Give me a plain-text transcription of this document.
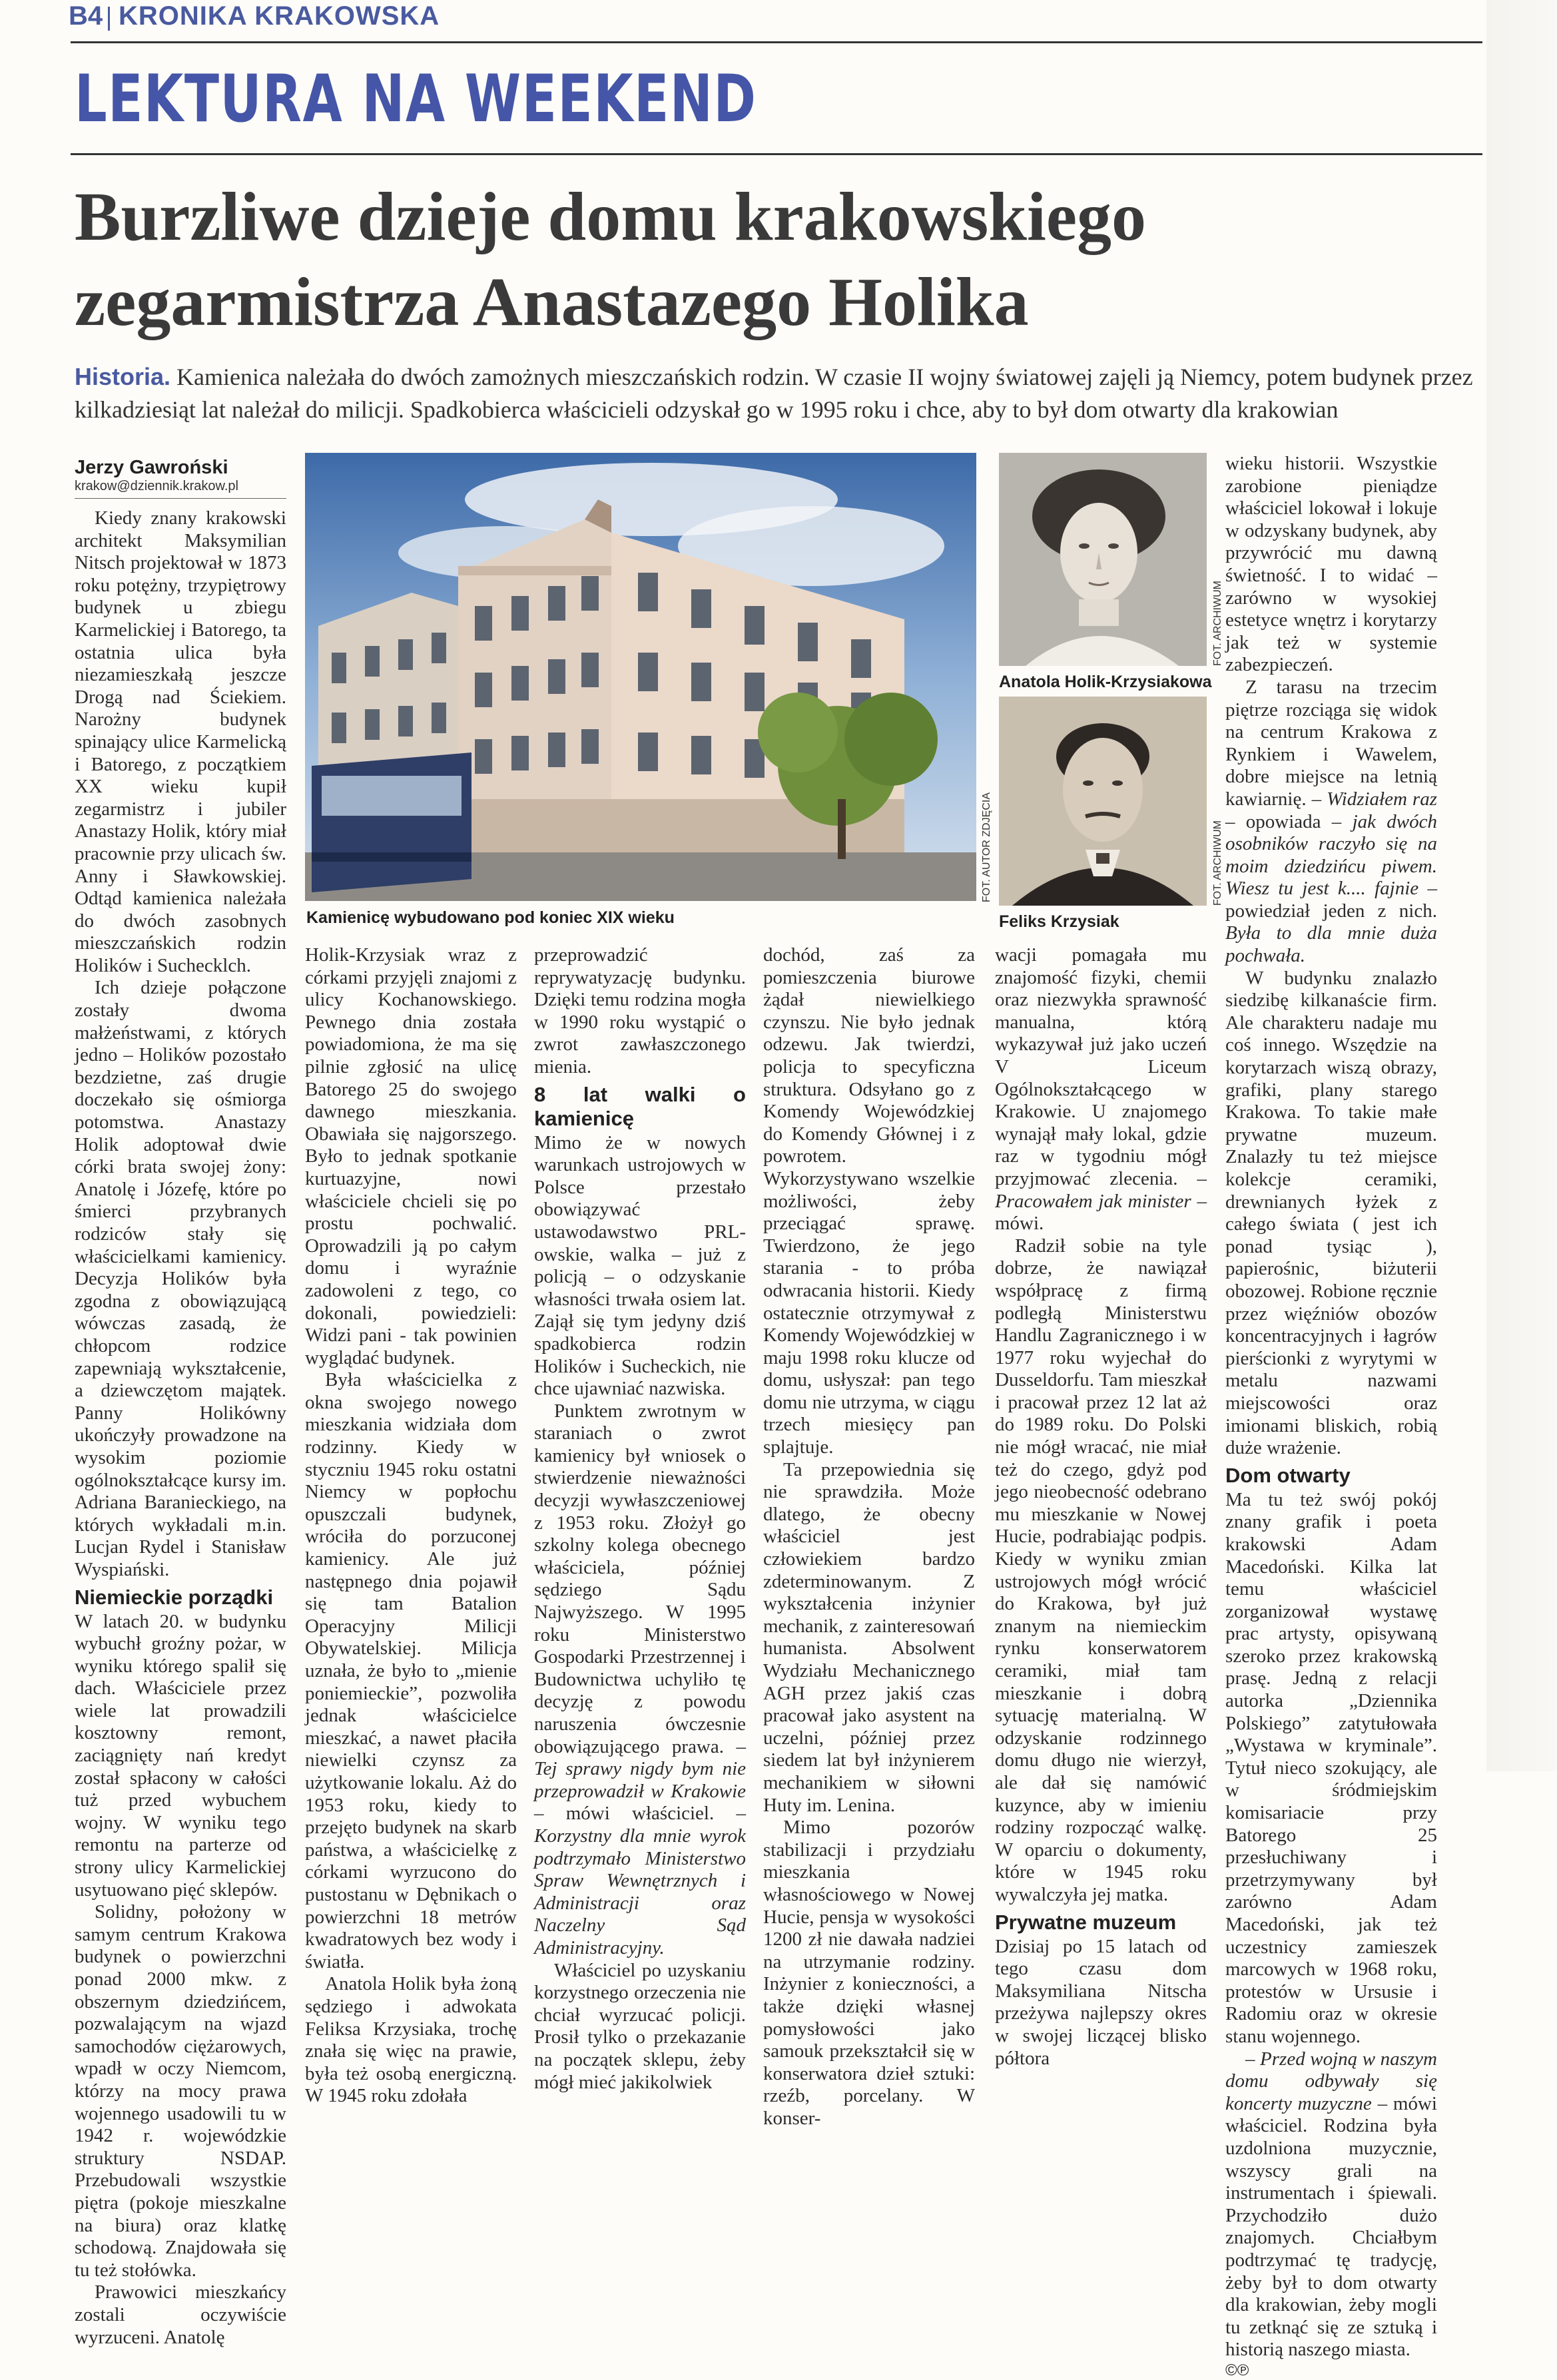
B4 KRONIKA KRAKOWSKA
LEKTURA NA WEEKEND
Burzliwe dzieje domu krakowskiego
zegarmistrza Anastazego Holika
Historia. Kamienica należała do dwóch zamożnych mieszczańskich rodzin. W czasie II wojny światowej zajęli ją Niemcy, potem budynek przez kilkadziesiąt lat należał do milicji. Spadkobierca właścicieli odzyskał go w 1995 roku i chce, aby to był dom otwarty dla krakowian
Jerzy Gawroński
krakow@dziennik.krakow.pl
FOT. AUTOR ZDJĘCIA
Kamienicę wybudowano pod koniec XIX wieku
FOT. ARCHIWUM
Anatola Holik-Krzysiakowa
FOT. ARCHIWUM
Feliks Krzysiak

Kiedy znany krakowski architekt Maksymilian Nitsch projektował w 1873 roku potężny, trzypiętrowy budynek u zbiegu Karmelickiej i Batorego, ta ostatnia ulica była niezamieszkałą jeszcze Drogą nad Ściekiem. Narożny budynek spinający ulice Karmelicką i Batorego, z początkiem XX wieku kupił zegarmistrz i jubiler Anastazy Holik, który miał pracownie przy ulicach św. Anny i Sławkowskiej. Odtąd kamienica należała do dwóch zasobnych mieszczańskich rodzin Holików i Suchecklch.

Ich dzieje połączone zostały dwoma małżeństwami, z których jedno – Holików pozostało bezdzietne, zaś drugie doczekało się ośmiorga potomstwa. Anastazy Holik adoptował dwie córki brata swojej żony: Anatolę i Józefę, które po śmierci przybranych rodziców stały się właścicielkami kamienicy. Decyzja Holików była zgodna z obowiązującą wówczas zasadą, że chłopcom rodzice zapewniają wykształcenie, a dziewczętom majątek. Panny Holikówny ukończyły prowadzone na wysokim poziomie ogólnokształcące kursy im. Adriana Baranieckiego, na których wykładali m.in. Lucjan Rydel i Stanisław Wyspiański.

Niemieckie porządki

W latach 20. w budynku wybuchł groźny pożar, w wyniku którego spalił się dach. Właściciele przez wiele lat prowadzili kosztowny remont, zaciągnięty nań kredyt został spłacony w całości tuż przed wybuchem wojny. W wyniku tego remontu na parterze od strony ulicy Karmelickiej usytuowano pięć sklepów.

Solidny, położony w samym centrum Krakowa budynek o powierzchni ponad 2000 mkw. z obszernym dziedzińcem, pozwalającym na wjazd samochodów ciężarowych, wpadł w oczy Niemcom, którzy na mocy prawa wojennego usadowili tu w 1942 r. wojewódzkie struktury NSDAP. Przebudowali wszystkie piętra (pokoje mieszkalne na biura) oraz klatkę schodową. Znajdowała się tu też stołówka.

Prawowici mieszkańcy zostali oczywiście wyrzuceni. Anatolę

Holik-Krzysiak wraz z córkami przyjęli znajomi z ulicy Kochanowskiego. Pewnego dnia została powiadomiona, że ma się pilnie zgłosić na ulicę Batorego 25 do swojego dawnego mieszkania. Obawiała się najgorszego. Było to jednak spotkanie kurtuazyjne, nowi właściciele chcieli się po prostu pochwalić. Oprowadzili ją po całym domu i wyraźnie zadowoleni z tego, co dokonali, powiedzieli: Widzi pani - tak powinien wyglądać budynek.

Była właścicielka z okna swojego nowego mieszkania widziała dom rodzinny. Kiedy w styczniu 1945 roku ostatni Niemcy w popłochu opuszczali budynek, wróciła do porzuconej kamienicy. Ale już następnego dnia pojawił się tam Batalion Operacyjny Milicji Obywatelskiej. Milicja uznała, że było to „mienie poniemieckie”, pozwoliła jednak właścicielce mieszkać, a nawet płaciła niewielki czynsz za użytkowanie lokalu. Aż do 1953 roku, kiedy to przejęto budynek na skarb państwa, a właścicielkę z córkami wyrzucono do pustostanu w Dębnikach o powierzchni 18 metrów kwadratowych bez wody i światła.

Anatola Holik była żoną sędziego i adwokata Feliksa Krzysiaka, trochę znała się więc na prawie, była też osobą energiczną. W 1945 roku zdołała

przeprowadzić reprywatyzację budynku. Dzięki temu rodzina mogła w 1990 roku wystąpić o zwrot zawłaszczonego mienia.

8 lat walki o kamienicę

Mimo że w nowych warunkach ustrojowych w Polsce przestało obowiązywać ustawodawstwo PRL-owskie, walka – już z policją – o odzyskanie własności trwała osiem lat. Zajął się tym jedyny dziś spadkobierca rodzin Holików i Sucheckich, nie chce ujawniać nazwiska.

Punktem zwrotnym w staraniach o zwrot kamienicy był wniosek o stwierdzenie nieważności decyzji wywłaszczeniowej z 1953 roku. Złożył go szkolny kolega obecnego właściciela, później sędziego Sądu Najwyższego. W 1995 roku Ministerstwo Gospodarki Przestrzennej i Budownictwa uchyliło tę decyzję z powodu naruszenia ówczesnie obowiązującego prawa. – Tej sprawy nigdy bym nie przeprowadził w Krakowie – mówi właściciel. – Korzystny dla mnie wyrok podtrzymało Ministerstwo Spraw Wewnętrznych i Administracji oraz Naczelny Sąd Administracyjny.

Właściciel po uzyskaniu korzystnego orzeczenia nie chciał wyrzucać policji. Prosił tylko o przekazanie na początek sklepu, żeby mógł mieć jakikolwiek

dochód, zaś za pomieszczenia biurowe żądał niewielkiego czynszu. Nie było jednak odzewu. Jak twierdzi, policja to specyficzna struktura. Odsyłano go z Komendy Wojewódzkiej do Komendy Głównej i z powrotem. Wykorzystywano wszelkie możliwości, żeby przeciągać sprawę. Twierdzono, że jego starania - to próba odwracania historii. Kiedy ostatecznie otrzymywał z Komendy Wojewódzkiej w maju 1998 roku klucze od domu, usłyszał: pan tego domu nie utrzyma, w ciągu trzech miesięcy pan splajtuje.

Ta przepowiednia się nie sprawdziła. Może dlatego, że obecny właściciel jest człowiekiem bardzo zdeterminowanym. Z wykształcenia inżynier mechanik, z zainteresowań humanista. Absolwent Wydziału Mechanicznego AGH przez jakiś czas pracował jako asystent na uczelni, później przez siedem lat był inżynierem mechanikiem w siłowni Huty im. Lenina.

Mimo pozorów stabilizacji i przydziału mieszkania własnościowego w Nowej Hucie, pensja w wysokości 1200 zł nie dawała nadziei na utrzymanie rodziny. Inżynier z konieczności, a także dzięki własnej pomysłowości jako samouk przekształcił się w konserwatora dzieł sztuki: rzeźb, porcelany. W konser-

wacji pomagała mu znajomość fizyki, chemii oraz niezwykła sprawność manualna, którą wykazywał już jako uczeń V Liceum Ogólnokształcącego w Krakowie. U znajomego wynajął mały lokal, gdzie raz w tygodniu mógł przyjmować zlecenia. – Pracowałem jak minister – mówi.

Radził sobie na tyle dobrze, że nawiązał współpracę z firmą podległą Ministerstwu Handlu Zagranicznego i w 1977 roku wyjechał do Dusseldorfu. Tam mieszkał i pracował przez 12 lat aż do 1989 roku. Do Polski nie mógł wracać, nie miał też do czego, gdyż pod jego nieobecność odebrano mu mieszkanie w Nowej Hucie, podrabiając podpis. Kiedy w wyniku zmian ustrojowych mógł wrócić do Krakowa, był już znanym na niemieckim rynku konserwatorem ceramiki, miał tam mieszkanie i dobrą sytuację materialną. W odzyskanie rodzinnego domu długo nie wierzył, ale dał się namówić kuzynce, aby w imieniu rodziny rozpocząć walkę. W oparciu o dokumenty, które w 1945 roku wywalczyła jej matka.

Prywatne muzeum

Dzisiaj po 15 latach od tego czasu dom Maksymiliana Nitscha przeżywa najlepszy okres w swojej liczącej blisko półtora

wieku historii. Wszystkie zarobione pieniądze właściciel lokował i lokuje w odzyskany budynek, aby przywrócić mu dawną świetność. I to widać – zarówno w wysokiej estetyce wnętrz i korytarzy jak też w systemie zabezpieczeń.

Z tarasu na trzecim piętrze rozciąga się widok na centrum Krakowa z Rynkiem i Wawelem, dobre miejsce na letnią kawiarnię. – Widziałem raz – opowiada – jak dwóch osobników raczyło się na moim dziedzińcu piwem. Wiesz tu jest k.... fajnie – powiedział jeden z nich. Była to dla mnie duża pochwała.

W budynku znalazło siedzibę kilkanaście firm. Ale charakteru nadaje mu coś innego. Wszędzie na korytarzach wiszą obrazy, grafiki, plany starego Krakowa. To takie małe prywatne muzeum. Znalazły tu też miejsce kolekcje ceramiki, drewnianych łyżek z całego świata ( jest ich ponad tysiąc ), papierośnic, biżuterii obozowej. Robione ręcznie przez więźniów obozów koncentracyjnych i łagrów pierścionki z wyrytymi w metalu nazwami miejscowości oraz imionami bliskich, robią duże wrażenie.

Dom otwarty

Ma tu też swój pokój znany grafik i poeta krakowski Adam Macedoński. Kilka lat temu właściciel zorganizował wystawę prac artysty, opisywaną szeroko przez krakowską prasę. Jedną z relacji autorka „Dziennika Polskiego” zatytułowała „Wystawa w kryminale”. Tytuł nieco szokujący, ale w śródmiejskim komisariacie przy Batorego 25 przesłuchiwany i przetrzymywany był zarówno Adam Macedoński, jak też uczestnicy zamieszek marcowych w 1968 roku, protestów w Ursusie i Radomiu oraz w okresie stanu wojennego.

– Przed wojną w naszym domu odbywały się koncerty muzyczne – mówi właściciel. Rodzina była uzdolniona muzycznie, wszyscy grali na instrumentach i śpiewali. Przychodziło dużo znajomych. Chciałbym podtrzymać tę tradycję, żeby był to dom otwarty dla krakowian, żeby mogli tu zetknąć się ze sztuką i historią naszego miasta.

©℗
